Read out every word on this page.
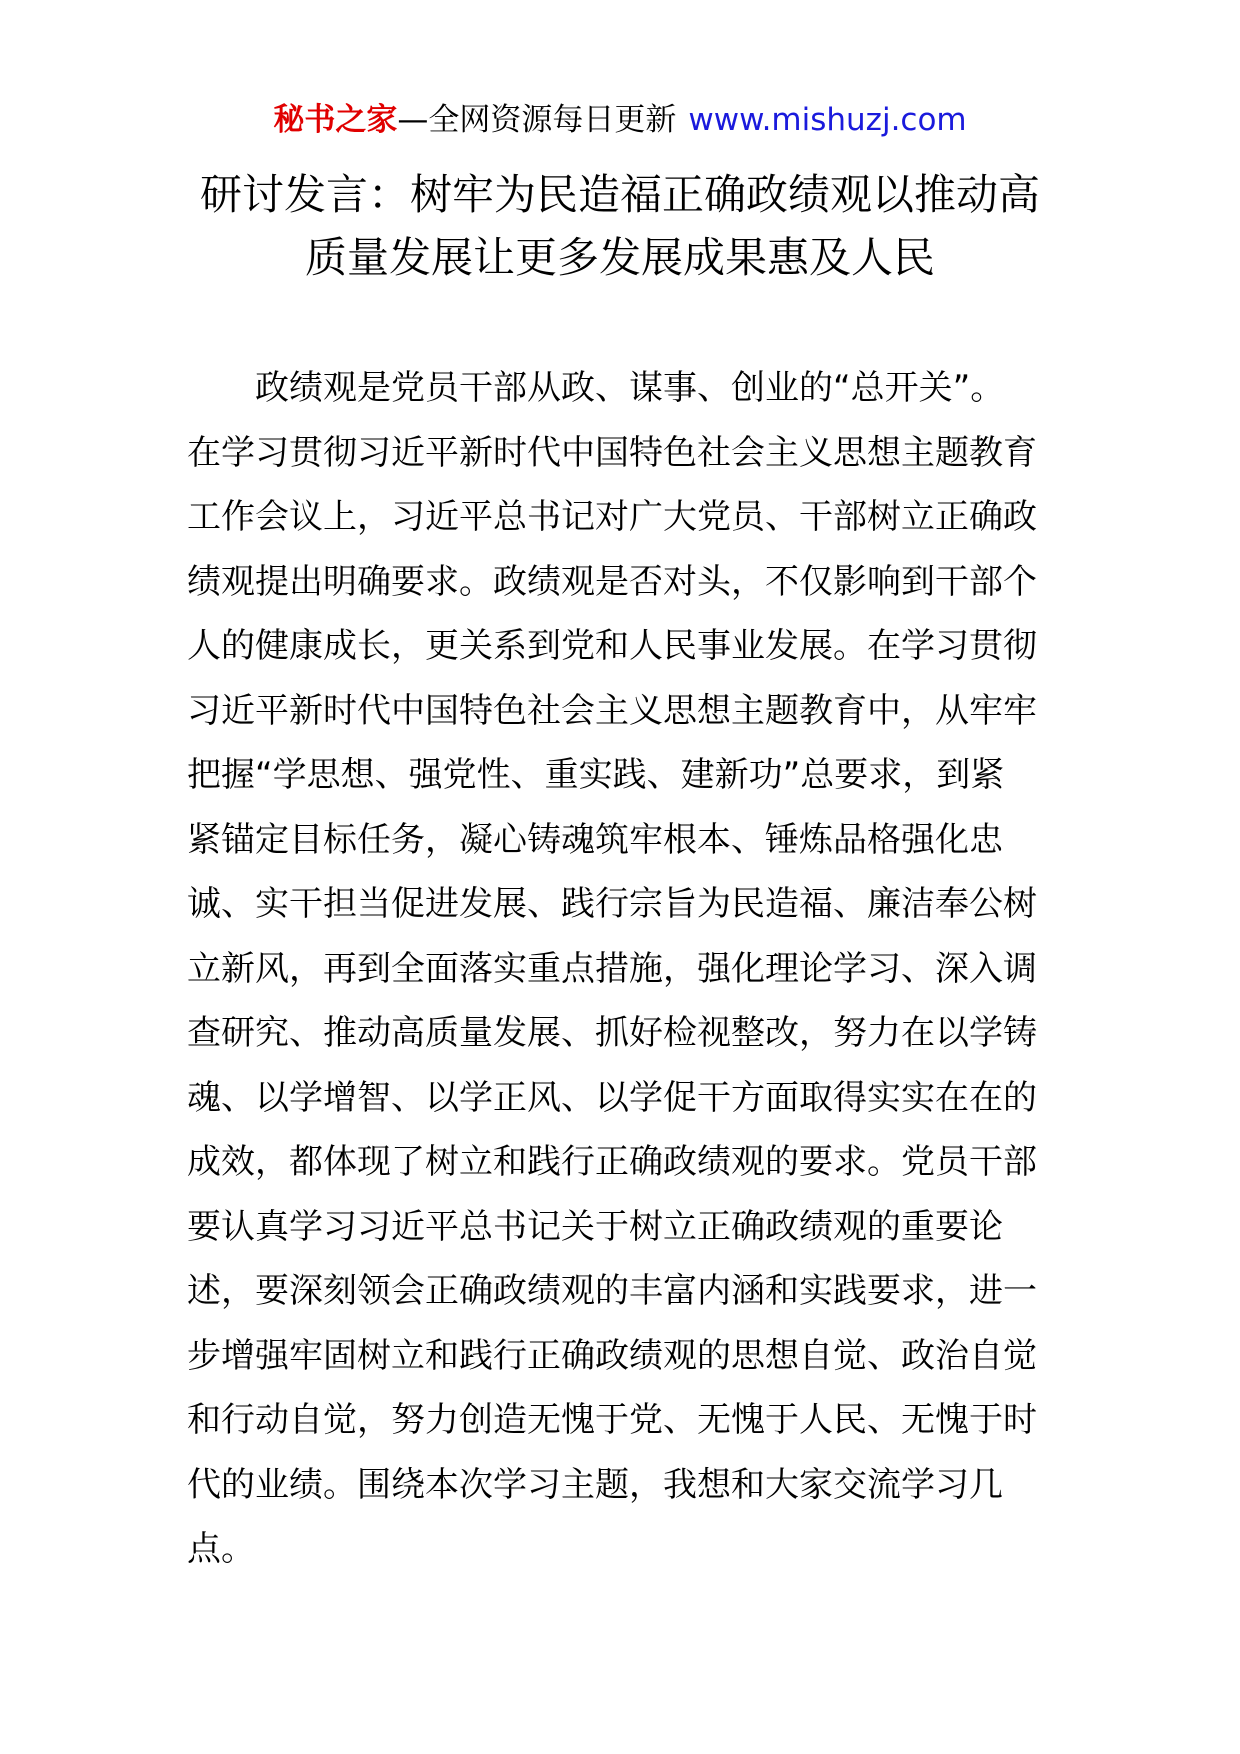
秘书之家—全网资源每日更新 www.mishuzj.com
研讨发言：树牢为民造福正确政绩观以推动高
质量发展让更多发展成果惠及人民
政绩观是党员干部从政、谋事、创业的“总开关”。
在学习贯彻习近平新时代中国特色社会主义思想主题教育
工作会议上，习近平总书记对广大党员、干部树立正确政
绩观提出明确要求。政绩观是否对头，不仅影响到干部个
人的健康成长，更关系到党和人民事业发展。在学习贯彻
习近平新时代中国特色社会主义思想主题教育中，从牢牢
把握“学思想、强党性、重实践、建新功”总要求，到紧
紧锚定目标任务，凝心铸魂筑牢根本、锤炼品格强化忠
诚、实干担当促进发展、践行宗旨为民造福、廉洁奉公树
立新风，再到全面落实重点措施，强化理论学习、深入调
查研究、推动高质量发展、抓好检视整改，努力在以学铸
魂、以学增智、以学正风、以学促干方面取得实实在在的
成效，都体现了树立和践行正确政绩观的要求。党员干部
要认真学习习近平总书记关于树立正确政绩观的重要论
述，要深刻领会正确政绩观的丰富内涵和实践要求，进一
步增强牢固树立和践行正确政绩观的思想自觉、政治自觉
和行动自觉，努力创造无愧于党、无愧于人民、无愧于时
代的业绩。围绕本次学习主题，我想和大家交流学习几
点。
